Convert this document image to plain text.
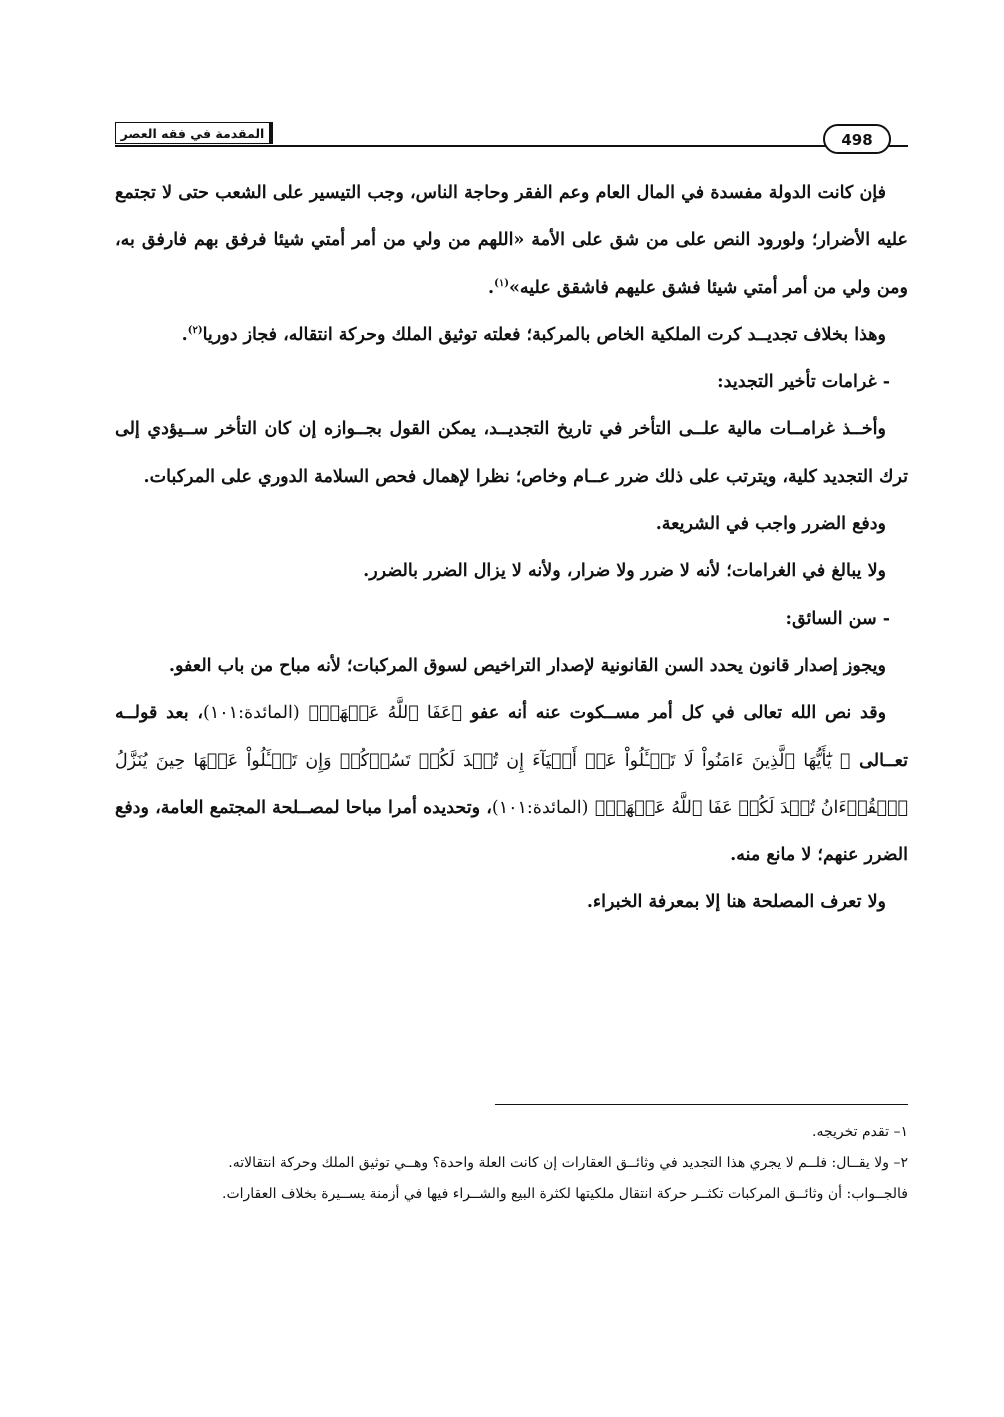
المقدمة في فقه العصر	498

فإن كانت الدولة مفسدة في المال العام وعم الفقر وحاجة الناس، وجب التيسير على الشعب حتى لا تجتمع عليه الأضرار؛ ولورود النص على من شق على الأمة «اللهم من ولي من أمر أمتي شيئا فرفق بهم فارفق به، ومن ولي من أمر أمتي شيئا فشق عليهم فاشقق عليه»$^{(١)}$.

وهذا بخلاف تجديــد كرت الملكية الخاص بالمركبة؛ فعلته توثيق الملك وحركة انتقاله، فجاز دوريا$^{(٢)}$.

- غرامات تأخير التجديد:

وأخــذ غرامــات مالية علــى التأخر في تاريخ التجديــد، يمكن القول بجــوازه إن كان التأخر ســيؤدي إلى ترك التجديد كلية، ويترتب على ذلك ضرر عــام وخاص؛ نظرا لإهمال فحص السلامة الدوري على المركبات.

ودفع الضرر واجب في الشريعة.

ولا يبالغ في الغرامات؛ لأنه لا ضرر ولا ضرار، ولأنه لا يزال الضرر بالضرر.

- سن السائق:

ويجوز إصدار قانون يحدد السن القانونية لإصدار التراخيص لسوق المركبات؛ لأنه مباح من باب العفو.

وقد نص الله تعالى في كل أمر مســكوت عنه أنه عفو ﴿عَفَا ٱللَّهُ عَنۡهَاۗ﴾ (المائدة:١٠١)، بعد قولــه تعــالى ﴿ يَٰٓأَيُّهَا ٱلَّذِينَ ءَامَنُواْ لَا تَسۡـَٔلُواْ عَنۡ أَشۡيَآءَ إِن تُبۡدَ لَكُمۡ تَسُؤۡكُمۡ وَإِن تَسۡـَٔلُواْ عَنۡهَا حِينَ يُنَزَّلُ ٱلۡقُرۡءَانُ تُبۡدَ لَكُمۡ عَفَا ٱللَّهُ عَنۡهَاۗ﴾ (المائدة:١٠١)، وتحديده أمرا مباحا لمصــلحة المجتمع العامة، ودفع الضرر عنهم؛ لا مانع منه.

ولا تعرف المصلحة هنا إلا بمعرفة الخبراء.

١– تقدم تخريجه.

٢– ولا يقــال: فلــم لا يجري هذا التجديد في وثائــق العقارات إن كانت العلة واحدة؟ وهــي توثيق الملك وحركة انتقالاته.

فالجــواب: أن وثائــق المركبات تكثــر حركة انتقال ملكيتها لكثرة البيع والشــراء فيها في أزمنة يســيرة بخلاف العقارات.
